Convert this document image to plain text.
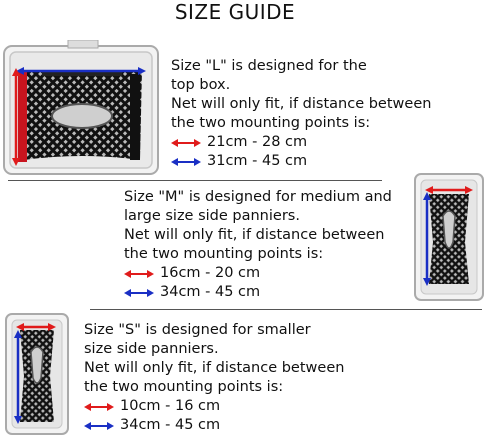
SIZE GUIDE
Size "L" is designed for the
top box.
Net will only fit, if distance between
the two mounting points is:
21cm - 28 cm
31cm - 45 cm
Size "M" is designed for medium and
large size side panniers.
Net will only fit, if distance between
the two mounting points is:
16cm - 20 cm
34cm - 45 cm
Size "S" is designed for smaller
size side panniers.
Net will only fit, if distance between
the two mounting points is:
10cm - 16 cm
34cm - 45 cm
